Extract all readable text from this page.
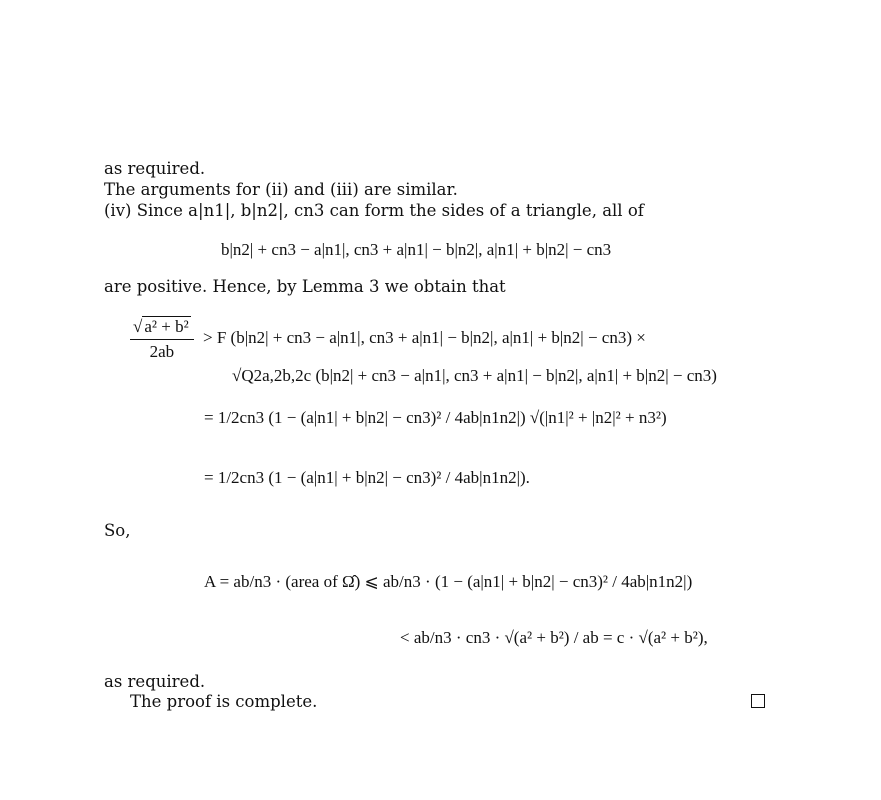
as required.
The arguments for (ii) and (iii) are similar.
(iv) Since a|n1|, b|n2|, cn3 can form the sides of a triangle, all of
b|n2| + cn3 − a|n1|, cn3 + a|n1| − b|n2|, a|n1| + b|n2| − cn3
are positive. Hence, by Lemma 3 we obtain that
$\frac{\text{√ a² + b²}}{2ab} > F$ (b|n2| + cn3 − a|n1|, cn3 + a|n1| − b|n2|, a|n1| + b|n2| − cn3) ×
√Q2a,2b,2c (b|n2| + cn3 − a|n1|, cn3 + a|n1| − b|n2|, a|n1| + b|n2| − cn3)
= 1/2cn3 (1 − (a|n1| + b|n2| − cn3)² / 4ab|n1n2|) √(|n1|² + |n2|² + n3²)
= 1/2cn3 (1 − (a|n1| + b|n2| − cn3)² / 4ab|n1n2|).
So,
A = ab/n3 · (area of Ω̂) ⩽ ab/n3 · (1 − (a|n1| + b|n2| − cn3)² / 4ab|n1n2|)
< ab/n3 · cn3 · √(a² + b²) / ab = c · √(a² + b²),
as required.
The proof is complete.
